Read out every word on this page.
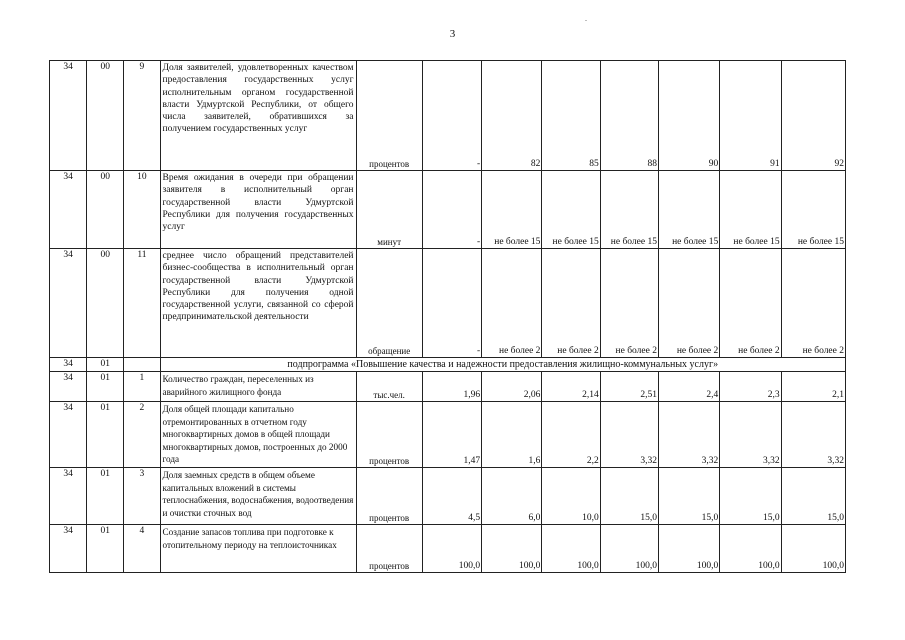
.
3
34	00	9	Доля заявителей, удовлетворенных качеством предоставления государственных услуг исполнительным органом государственной власти Удмуртской Республики, от общего числа заявителей, обратившихся за получением государственных услуг	процентов	-	82	85	88	90	91	92
34	00	10	Время ожидания в очереди при обращении заявителя в исполнительный орган государственной власти Удмуртской Республики для получения государственных услуг	минут	-	не более 15	не более 15	не более 15	не более 15	не более 15	не более 15
34	00	11	среднее число обращений представителей бизнес-сообщества в исполнительный орган государственной власти Удмуртской Республики для получения одной государственной услуги, связанной со сферой предпринимательской деятельности	обращение	-	не более 2	не более 2	не более 2	не более 2	не более 2	не более 2
34	01		подпрограмма «Повышение качества и надежности предоставления жилищно-коммунальных услуг»								
34	01	1	Количество граждан, переселенных из аварийного жилищного фонда	тыс.чел.	1,96	2,06	2,14	2,51	2,4	2,3	2,1
34	01	2	Доля общей площади капитально отремонтированных в отчетном году многоквартирных домов в общей площади многоквартирных домов, построенных до 2000 года	процентов	1,47	1,6	2,2	3,32	3,32	3,32	3,32
34	01	3	Доля заемных средств в общем объеме капитальных вложений в системы теплоснабжения, водоснабжения, водоотведения и очистки сточных вод	процентов	4,5	6,0	10,0	15,0	15,0	15,0	15,0
34	01	4	Создание запасов топлива при подготовке к отопительному периоду на теплоисточниках	процентов	100,0	100,0	100,0	100,0	100,0	100,0	100,0
